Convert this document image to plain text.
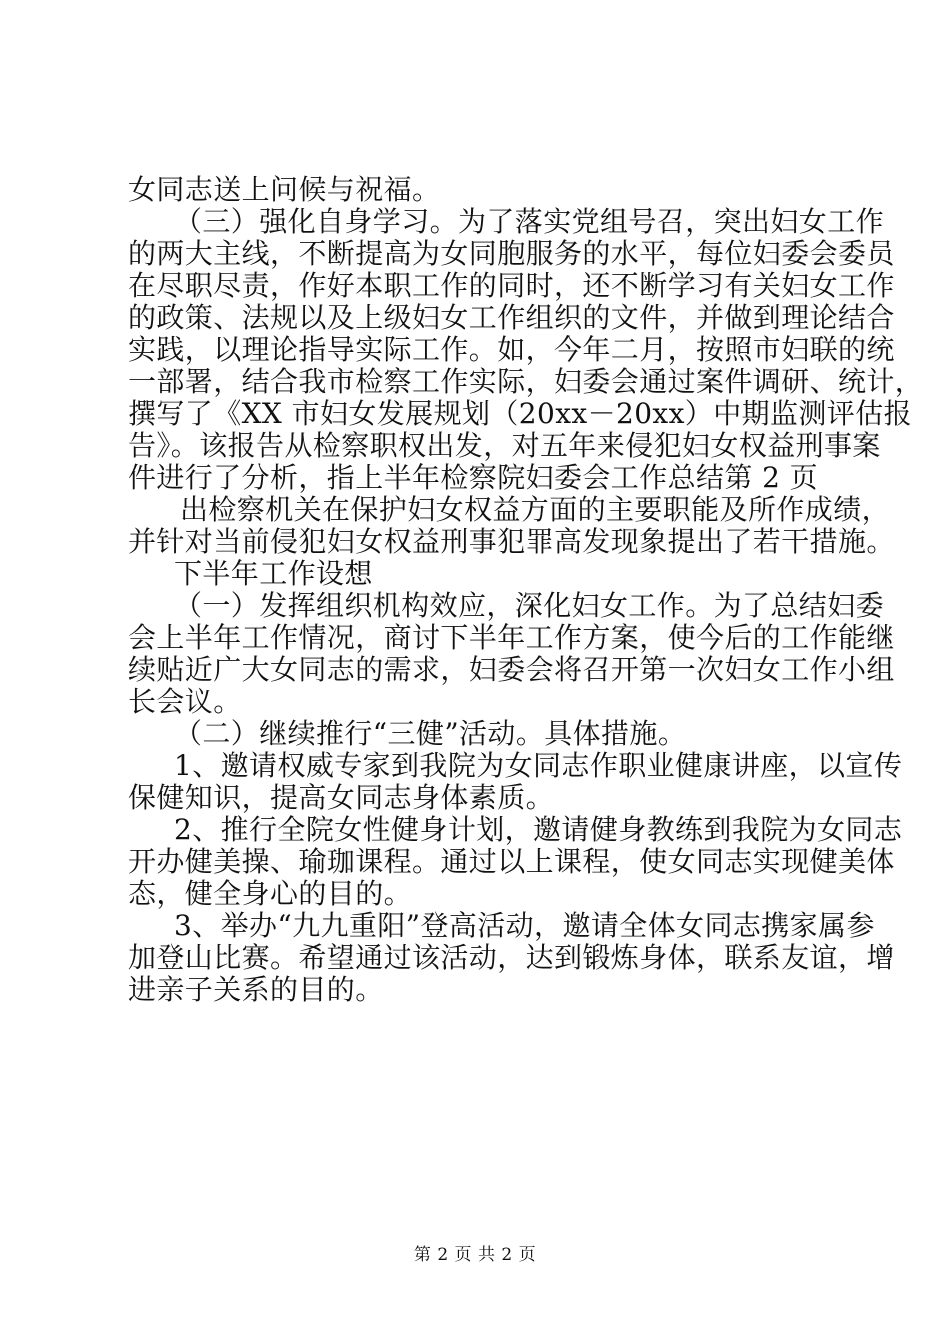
女同志送上问候与祝福。
（三）强化自身学习。为了落实党组号召，突出妇女工作
的两大主线，不断提高为女同胞服务的水平，每位妇委会委员
在尽职尽责，作好本职工作的同时，还不断学习有关妇女工作
的政策、法规以及上级妇女工作组织的文件，并做到理论结合
实践，以理论指导实际工作。如，今年二月，按照市妇联的统
一部署，结合我市检察工作实际，妇委会通过案件调研、统计，
撰写了《XX 市妇女发展规划（20xx－20xx）中期监测评估报
告》。该报告从检察职权出发，对五年来侵犯妇女权益刑事案
件进行了分析，指上半年检察院妇委会工作总结第 2 页
出检察机关在保护妇女权益方面的主要职能及所作成绩，
并针对当前侵犯妇女权益刑事犯罪高发现象提出了若干措施。
下半年工作设想
（一）发挥组织机构效应，深化妇女工作。为了总结妇委
会上半年工作情况，商讨下半年工作方案，使今后的工作能继
续贴近广大女同志的需求，妇委会将召开第一次妇女工作小组
长会议。
（二）继续推行“三健”活动。具体措施。
1、邀请权威专家到我院为女同志作职业健康讲座，以宣传
保健知识，提高女同志身体素质。
2、推行全院女性健身计划，邀请健身教练到我院为女同志
开办健美操、瑜珈课程。通过以上课程，使女同志实现健美体
态，健全身心的目的。
3、举办“九九重阳”登高活动，邀请全体女同志携家属参
加登山比赛。希望通过该活动，达到锻炼身体，联系友谊，增
进亲子关系的目的。
第 2 页 共 2 页
